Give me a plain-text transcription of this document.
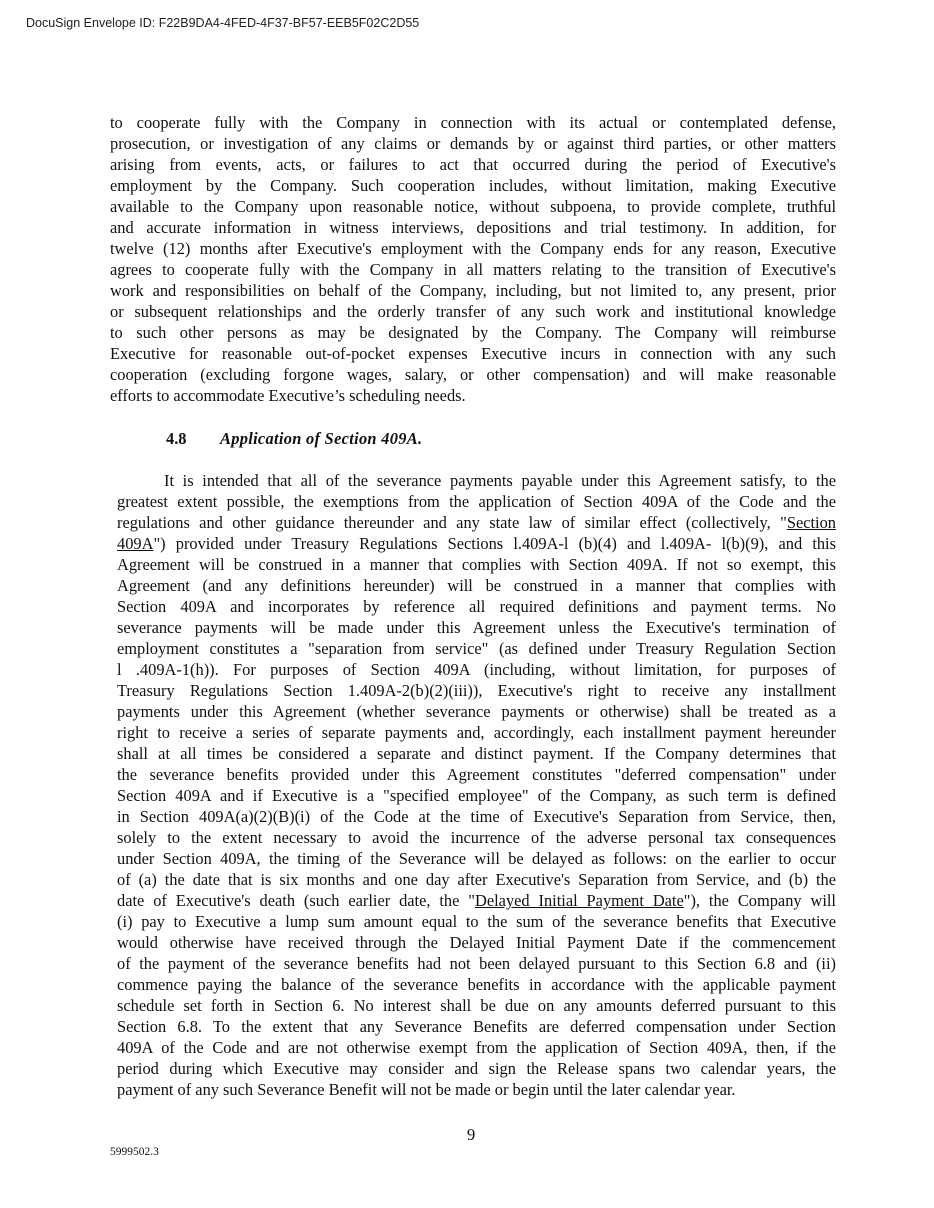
DocuSign Envelope ID: F22B9DA4-4FED-4F37-BF57-EEB5F02C2D55
to cooperate fully with the Company in connection with its actual or contemplated defense,
prosecution, or investigation of any claims or demands by or against third parties, or other matters
arising from events, acts, or failures to act that occurred during the period of Executive's
employment by the Company. Such cooperation includes, without limitation, making Executive
available to the Company upon reasonable notice, without subpoena, to provide complete, truthful
and accurate information in witness interviews, depositions and trial testimony. In addition, for
twelve (12) months after Executive's employment with the Company ends for any reason, Executive
agrees to cooperate fully with the Company in all matters relating to the transition of Executive's
work and responsibilities on behalf of the Company, including, but not limited to, any present, prior
or subsequent relationships and the orderly transfer of any such work and institutional knowledge
to such other persons as may be designated by the Company. The Company will reimburse
Executive for reasonable out-of-pocket expenses Executive incurs in connection with any such
cooperation (excluding forgone wages, salary, or other compensation) and will make reasonable
efforts to accommodate Executive’s scheduling needs.
4.8 Application of Section 409A.
It is intended that all of the severance payments payable under this Agreement satisfy, to the
greatest extent possible, the exemptions from the application of Section 409A of the Code and the
regulations and other guidance thereunder and any state law of similar effect (collectively, "Section
409A") provided under Treasury Regulations Sections l.409A-l (b)(4) and l.409A- l(b)(9), and this
Agreement will be construed in a manner that complies with Section 409A. If not so exempt, this
Agreement (and any definitions hereunder) will be construed in a manner that complies with
Section 409A and incorporates by reference all required definitions and payment terms. No
severance payments will be made under this Agreement unless the Executive's termination of
employment constitutes a "separation from service" (as defined under Treasury Regulation Section
l .409A-1(h)). For purposes of Section 409A (including, without limitation, for purposes of
Treasury Regulations Section 1.409A-2(b)(2)(iii)), Executive's right to receive any installment
payments under this Agreement (whether severance payments or otherwise) shall be treated as a
right to receive a series of separate payments and, accordingly, each installment payment hereunder
shall at all times be considered a separate and distinct payment. If the Company determines that
the severance benefits provided under this Agreement constitutes "deferred compensation" under
Section 409A and if Executive is a "specified employee" of the Company, as such term is defined
in Section 409A(a)(2)(B)(i) of the Code at the time of Executive's Separation from Service, then,
solely to the extent necessary to avoid the incurrence of the adverse personal tax consequences
under Section 409A, the timing of the Severance will be delayed as follows: on the earlier to occur
of (a) the date that is six months and one day after Executive's Separation from Service, and (b) the
date of Executive's death (such earlier date, the "Delayed Initial Payment Date"), the Company will
(i) pay to Executive a lump sum amount equal to the sum of the severance benefits that Executive
would otherwise have received through the Delayed Initial Payment Date if the commencement
of the payment of the severance benefits had not been delayed pursuant to this Section 6.8 and (ii)
commence paying the balance of the severance benefits in accordance with the applicable payment
schedule set forth in Section 6. No interest shall be due on any amounts deferred pursuant to this
Section 6.8. To the extent that any Severance Benefits are deferred compensation under Section
409A of the Code and are not otherwise exempt from the application of Section 409A, then, if the
period during which Executive may consider and sign the Release spans two calendar years, the
payment of any such Severance Benefit will not be made or begin until the later calendar year.
9
5999502.3
